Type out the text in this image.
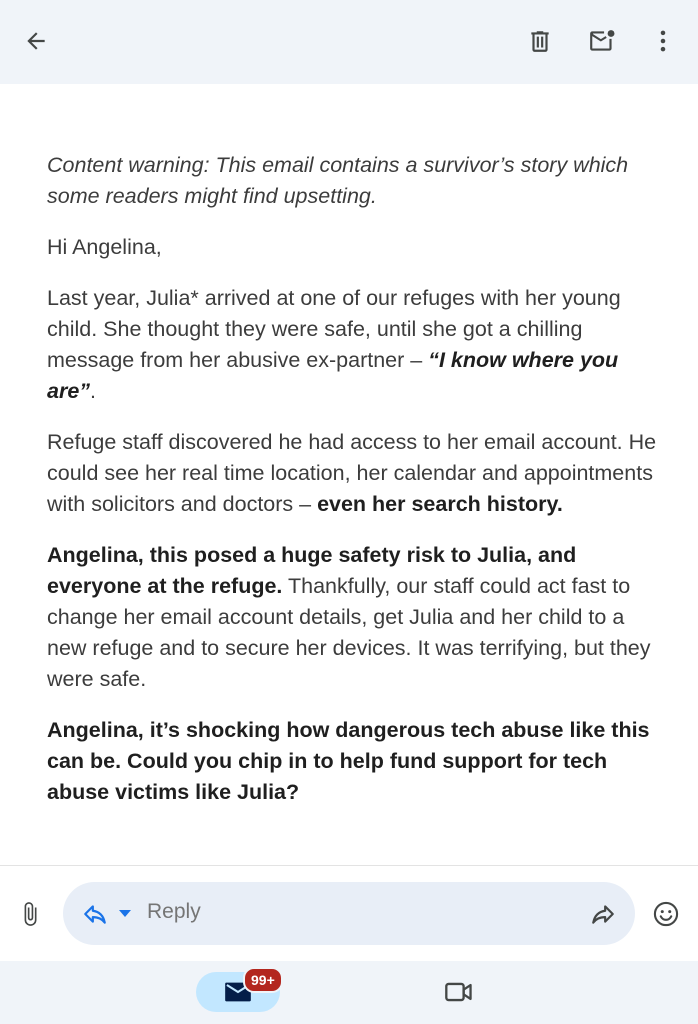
Content warning: This email contains a survivor’s story which some readers might find upsetting.

Hi Angelina,

Last year, Julia* arrived at one of our refuges with her young child. She thought they were safe, until she got a chilling message from her abusive ex-partner – “I know where you are”.

Refuge staff discovered he had access to her email account. He could see her real time location, her calendar and appointments with solicitors and doctors – even her search history.

Angelina, this posed a huge safety risk to Julia, and everyone at the refuge. Thankfully, our staff could act fast to change her email account details, get Julia and her child to a new refuge and to secure her devices. It was terrifying, but they were safe.

Angelina, it’s shocking how dangerous tech abuse like this can be. Could you chip in to help fund support for tech abuse victims like Julia?

Reply
99+
